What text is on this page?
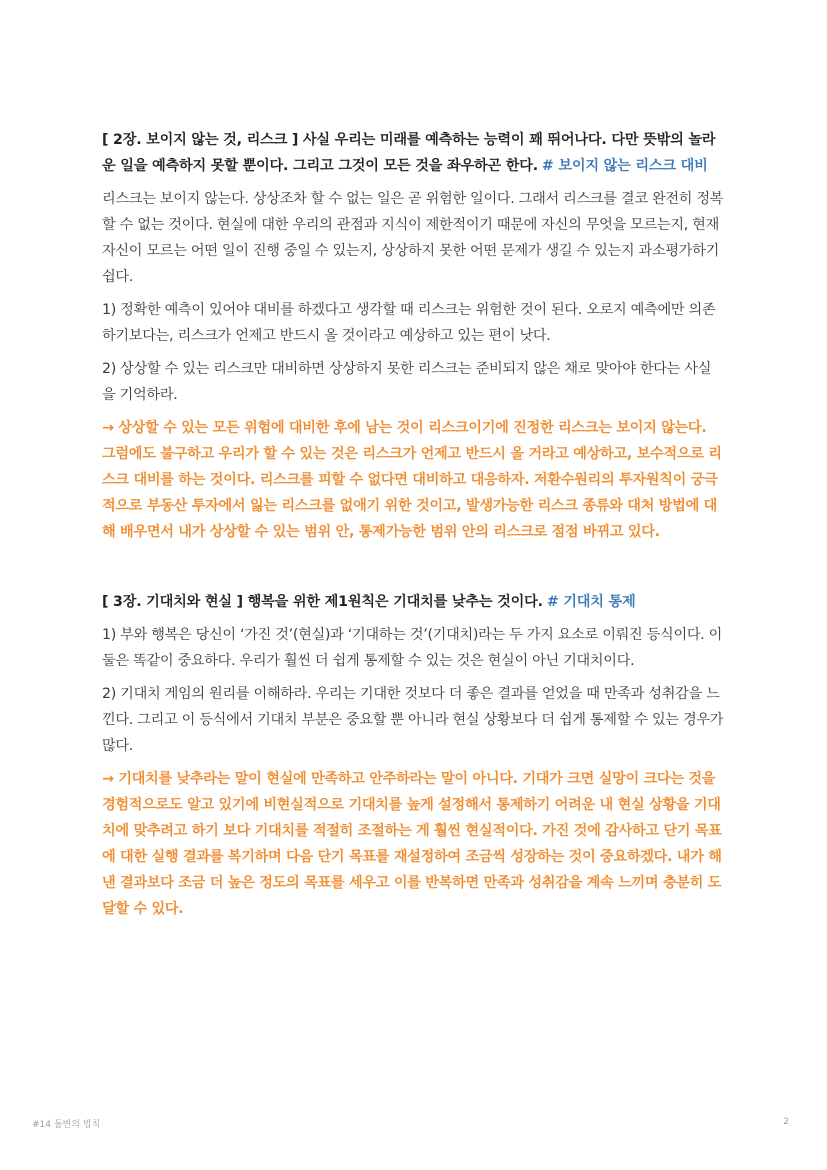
[ 2장. 보이지 않는 것, 리스크 ] 사실 우리는 미래를 예측하는 능력이 꽤 뛰어나다. 다만 뜻밖의 놀라운 일을 예측하지 못할 뿐이다. 그리고 그것이 모든 것을 좌우하곤 한다. # 보이지 않는 리스크 대비

리스크는 보이지 않는다. 상상조차 할 수 없는 일은 곧 위험한 일이다. 그래서 리스크를 결코 완전히 정복할 수 없는 것이다. 현실에 대한 우리의 관점과 지식이 제한적이기 때문에 자신의 무엇을 모르는지, 현재 자신이 모르는 어떤 일이 진행 중일 수 있는지, 상상하지 못한 어떤 문제가 생길 수 있는지 과소평가하기 쉽다.

1) 정확한 예측이 있어야 대비를 하겠다고 생각할 때 리스크는 위험한 것이 된다. 오로지 예측에만 의존하기보다는, 리스크가 언제고 반드시 올 것이라고 예상하고 있는 편이 낫다.

2) 상상할 수 있는 리스크만 대비하면 상상하지 못한 리스크는 준비되지 않은 채로 맞아야 한다는 사실을 기억하라.

→ 상상할 수 있는 모든 위험에 대비한 후에 남는 것이 리스크이기에 진정한 리스크는 보이지 않는다. 그럼에도 불구하고 우리가 할 수 있는 것은 리스크가 언제고 반드시 올 거라고 예상하고, 보수적으로 리스크 대비를 하는 것이다. 리스크를 피할 수 없다면 대비하고 대응하자. 저환수원리의 투자원칙이 궁극적으로 부동산 투자에서 잃는 리스크를 없애기 위한 것이고, 발생가능한 리스크 종류와 대처 방법에 대해 배우면서 내가 상상할 수 있는 범위 안, 통제가능한 범위 안의 리스크로 점점 바뀌고 있다.

[ 3장. 기대치와 현실 ] 행복을 위한 제1원칙은 기대치를 낮추는 것이다. # 기대치 통제

1) 부와 행복은 당신이 ‘가진 것’(현실)과 ‘기대하는 것’(기대치)라는 두 가지 요소로 이뤄진 등식이다. 이 둘은 똑같이 중요하다. 우리가 훨씬 더 쉽게 통제할 수 있는 것은 현실이 아닌 기대치이다.

2) 기대치 게임의 원리를 이해하라. 우리는 기대한 것보다 더 좋은 결과를 얻었을 때 만족과 성취감을 느낀다. 그리고 이 등식에서 기대치 부분은 중요할 뿐 아니라 현실 상황보다 더 쉽게 통제할 수 있는 경우가 많다.

→ 기대치를 낮추라는 말이 현실에 만족하고 안주하라는 말이 아니다. 기대가 크면 실망이 크다는 것을 경험적으로도 알고 있기에 비현실적으로 기대치를 높게 설정해서 통제하기 어려운 내 현실 상황을 기대치에 맞추려고 하기 보다 기대치를 적절히 조절하는 게 훨씬 현실적이다. 가진 것에 감사하고 단기 목표에 대한 실행 결과를 복기하며 다음 단기 목표를 재설정하여 조금씩 성장하는 것이 중요하겠다. 내가 해낸 결과보다 조금 더 높은 정도의 목표를 세우고 이를 반복하면 만족과 성취감을 계속 느끼며 충분히 도달할 수 있다.

#14 돌변의 법칙	2
